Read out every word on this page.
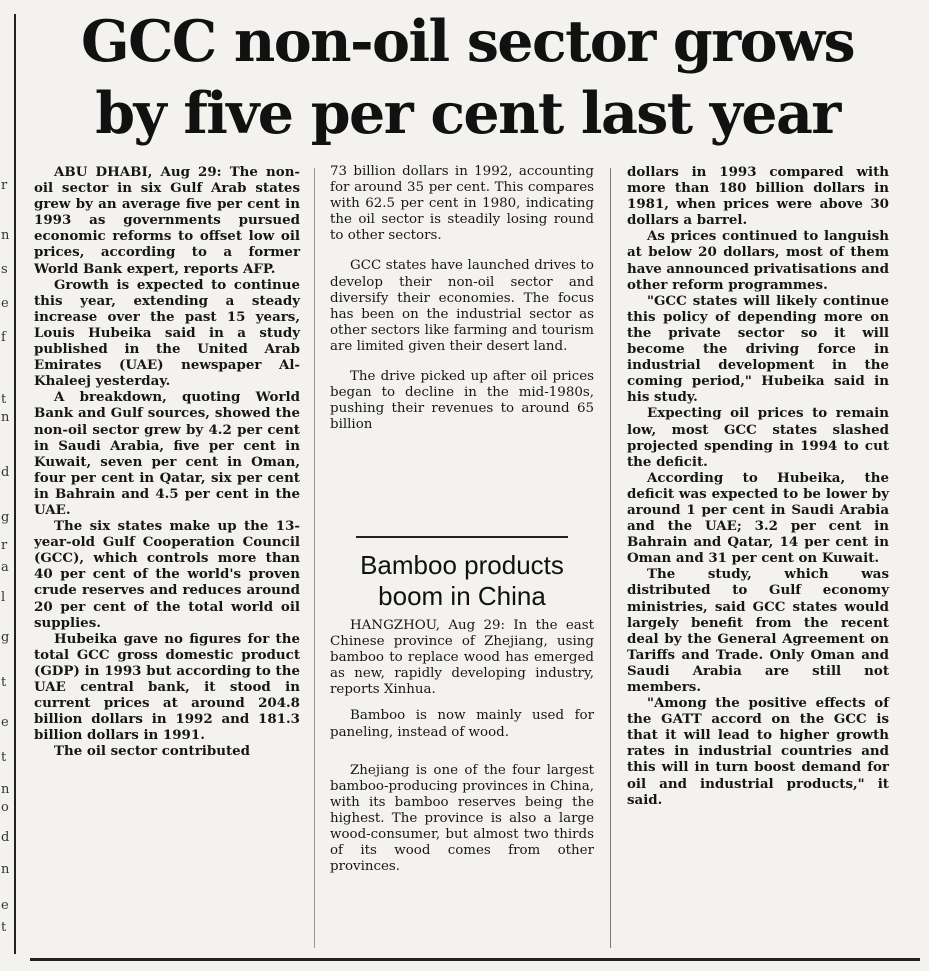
r
n
s
e
f
t
n
d
g
r
a
l
g
t
e
t
n
o
d
n
e
t
GCC non-oil sector grows
by five per cent last year

ABU DHABI, Aug 29: The non-oil sector in six Gulf Arab states grew by an average five per cent in 1993 as governments pursued economic reforms to offset low oil prices, according to a former World Bank expert, reports AFP.

Growth is expected to continue this year, extending a steady increase over the past 15 years, Louis Hubeika said in a study published in the United Arab Emirates (UAE) newspaper Al-Khaleej yesterday.

A breakdown, quoting World Bank and Gulf sources, showed the non-oil sector grew by 4.2 per cent in Saudi Arabia, five per cent in Kuwait, seven per cent in Oman, four per cent in Qatar, six per cent in Bahrain and 4.5 per cent in the UAE.

The six states make up the 13-year-old Gulf Cooperation Council (GCC), which controls more than 40 per cent of the world's proven crude reserves and reduces around 20 per cent of the total world oil supplies.

Hubeika gave no figures for the total GCC gross domestic product (GDP) in 1993 but according to the UAE central bank, it stood in current prices at around 204.8 billion dollars in 1992 and 181.3 billion dollars in 1991.

The oil sector contributed

73 billion dollars in 1992, accounting for around 35 per cent. This compares with 62.5 per cent in 1980, indicating the oil sector is steadily losing round to other sectors.

GCC states have launched drives to develop their non-oil sector and diversify their economies. The focus has been on the industrial sector as other sectors like farming and tourism are limited given their desert land.

The drive picked up after oil prices began to decline in the mid-1980s, pushing their revenues to around 65 billion

Bamboo products
boom in China

HANGZHOU, Aug 29: In the east Chinese province of Zhejiang, using bamboo to replace wood has emerged as new, rapidly developing industry, reports Xinhua.

Bamboo is now mainly used for paneling, instead of wood.

Zhejiang is one of the four largest bamboo-producing provinces in China, with its bamboo reserves being the highest. The province is also a large wood-consumer, but almost two thirds of its wood comes from other provinces.

dollars in 1993 compared with more than 180 billion dollars in 1981, when prices were above 30 dollars a barrel.

As prices continued to languish at below 20 dollars, most of them have announced privatisations and other reform programmes.

"GCC states will likely continue this policy of depending more on the private sector so it will become the driving force in industrial development in the coming period," Hubeika said in his study.

Expecting oil prices to remain low, most GCC states slashed projected spending in 1994 to cut the deficit.

According to Hubeika, the deficit was expected to be lower by around 1 per cent in Saudi Arabia and the UAE; 3.2 per cent in Bahrain and Qatar, 14 per cent in Oman and 31 per cent on Kuwait.

The study, which was distributed to Gulf economy ministries, said GCC states would largely benefit from the recent deal by the General Agreement on Tariffs and Trade. Only Oman and Saudi Arabia are still not members.

"Among the positive effects of the GATT accord on the GCC is that it will lead to higher growth rates in industrial countries and this will in turn boost demand for oil and industrial products," it said.
